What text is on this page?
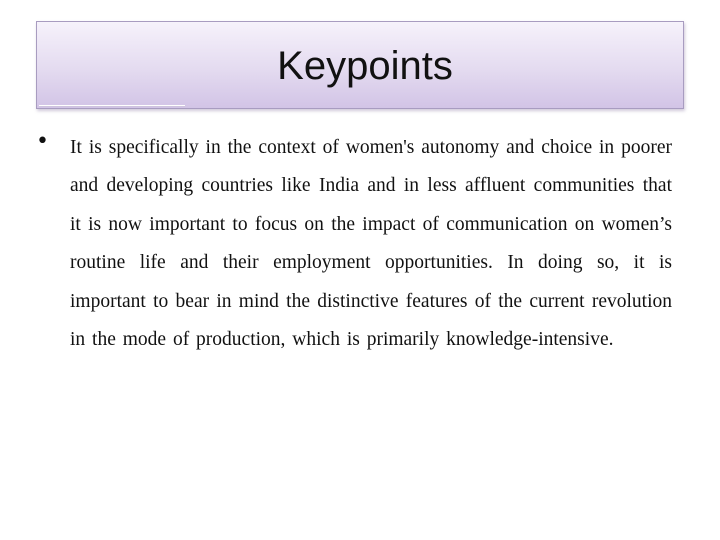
Keypoints
• It is specifically in the context of women's autonomy and choice in poorer and developing countries like India and in less affluent communities that it is now important to focus on the impact of communication on women’s routine life and their employment opportunities. In doing so, it is important to bear in mind the distinctive features of the current revolution in the mode of production, which is primarily knowledge‑intensive.
